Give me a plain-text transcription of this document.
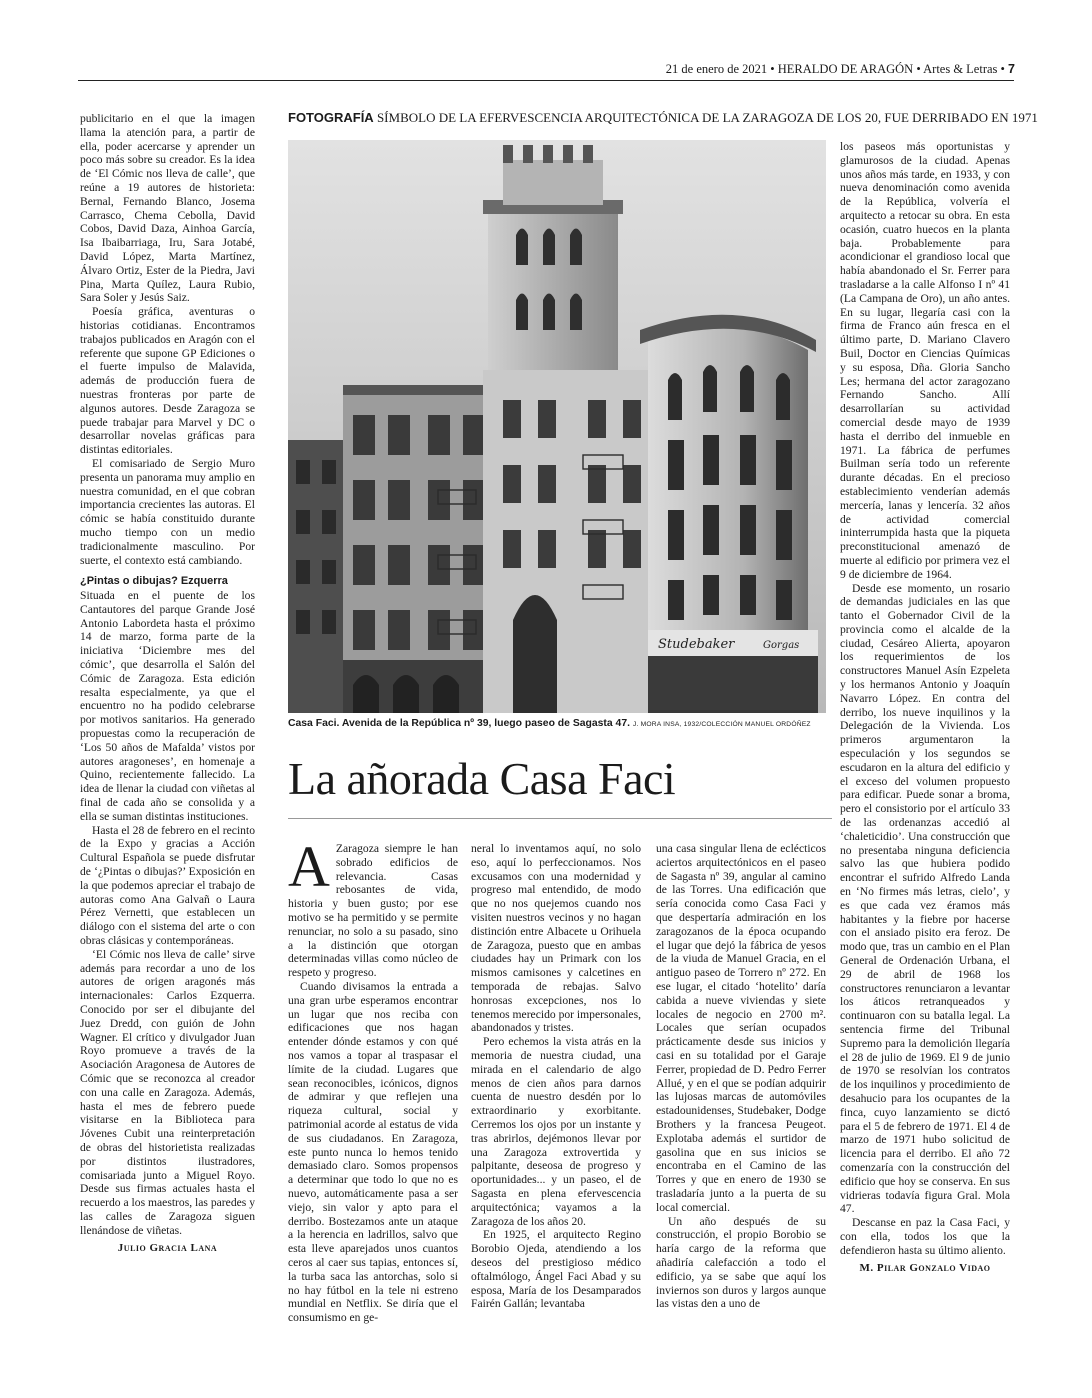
21 de enero de 2021 • HERALDO DE ARAGÓN • Artes & Letras • 7

publicitario en el que la imagen llama la atención para, a partir de ella, poder acercarse y aprender un poco más sobre su creador. Es la idea de ‘El Cómic nos lleva de calle’, que reúne a 19 autores de historieta: Bernal, Fernando Blanco, Josema Carrasco, Chema Cebolla, David Cobos, David Daza, Ainhoa García, Isa Ibaibarriaga, Iru, Sara Jotabé, David López, Marta Martínez, Álvaro Ortiz, Ester de la Piedra, Javi Pina, Marta Quílez, Laura Rubio, Sara Soler y Jesús Saiz.

Poesía gráfica, aventuras o historias cotidianas. Encontramos trabajos publicados en Aragón con el referente que supone GP Ediciones o el fuerte impulso de Malavida, además de producción fuera de nuestras fronteras por parte de algunos autores. Desde Zaragoza se puede trabajar para Marvel y DC o desarrollar novelas gráficas para distintas editoriales.

El comisariado de Sergio Muro presenta un panorama muy amplio en nuestra comunidad, en el que cobran importancia crecientes las autoras. El cómic se había constituido durante mucho tiempo con un medio tradicionalmente masculino. Por suerte, el contexto está cambiando.

¿Pintas o dibujas? Ezquerra

Situada en el puente de los Cantautores del parque Grande José Antonio Labordeta hasta el próximo 14 de marzo, forma parte de la iniciativa ‘Diciembre mes del cómic’, que desarrolla el Salón del Cómic de Zaragoza. Esta edición resalta especialmente, ya que el encuentro no ha podido celebrarse por motivos sanitarios. Ha generado propuestas como la recuperación de ‘Los 50 años de Mafalda’ vistos por autores aragoneses’, en homenaje a Quino, recientemente fallecido. La idea de llenar la ciudad con viñetas al final de cada año se consolida y a ella se suman distintas instituciones.

Hasta el 28 de febrero en el recinto de la Expo y gracias a Acción Cultural Española se puede disfrutar de ‘¿Pintas o dibujas?’ Exposición en la que podemos apreciar el trabajo de autoras como Ana Galvañ o Laura Pérez Vernetti, que establecen un diálogo con el sistema del arte o con obras clásicas y contemporáneas.

‘El Cómic nos lleva de calle’ sirve además para recordar a uno de los autores de origen aragonés más internacionales: Carlos Ezquerra. Conocido por ser el dibujante del Juez Dredd, con guión de John Wagner. El crítico y divulgador Juan Royo promueve a través de la Asociación Aragonesa de Autores de Cómic que se reconozca al creador con una calle en Zaragoza. Además, hasta el mes de febrero puede visitarse en la Biblioteca para Jóvenes Cubit una reinterpretación de obras del historietista realizadas por distintos ilustradores, comisariada junto a Miguel Royo. Desde sus firmas actuales hasta el recuerdo a los maestros, las paredes y las calles de Zaragoza siguen llenándose de viñetas.

Julio Gracia Lana
FOTOGRAFÍA SÍMBOLO DE LA EFERVESCENCIA ARQUITECTÓNICA DE LA ZARAGOZA DE LOS 20, FUE DERRIBADO EN 1971
Studebaker	Gorgas
Casa Faci. Avenida de la República nº 39, luego paseo de Sagasta 47. J. MORA INSA, 1932/COLECCIÓN MANUEL ORDÓÑEZ
La añorada Casa Faci

A Zaragoza siempre le han sobrado edificios de relevancia. Casas rebosantes de vida, historia y buen gusto; por ese motivo se ha permitido y se permite renunciar, no solo a su pasado, sino a la distinción que otorgan determinadas villas como núcleo de respeto y progreso.

Cuando divisamos la entrada a una gran urbe esperamos encontrar un lugar que nos reciba con edificaciones que nos hagan entender dónde estamos y con qué nos vamos a topar al traspasar el límite de la ciudad. Lugares que sean reconocibles, icónicos, dignos de admirar y que reflejen una riqueza cultural, social y patrimonial acorde al estatus de vida de sus ciudadanos. En Zaragoza, este punto nunca lo hemos tenido demasiado claro. Somos propensos a determinar que todo lo que no es nuevo, automáticamente pasa a ser viejo, sin valor y apto para el derribo. Bostezamos ante un ataque a la herencia en ladrillos, salvo que esta lleve aparejados unos cuantos ceros al caer sus tapias, entonces sí, la turba saca las antorchas, solo si no hay fútbol en la tele ni estreno mundial en Netflix. Se diría que el consumismo en ge-

neral lo inventamos aquí, no solo eso, aquí lo perfeccionamos. Nos excusamos con una modernidad y progreso mal entendido, de modo que no nos quejemos cuando nos visiten nuestros vecinos y no hagan distinción entre Albacete u Orihuela de Zaragoza, puesto que en ambas ciudades hay un Primark con los mismos camisones y calcetines en temporada de rebajas. Salvo honrosas excepciones, nos lo tenemos merecido por impersonales, abandonados y tristes.

Pero echemos la vista atrás en la memoria de nuestra ciudad, una mirada en el calendario de algo menos de cien años para darnos cuenta de nuestro desdén por lo extraordinario y exorbitante. Cerremos los ojos por un instante y tras abrirlos, dejémonos llevar por una Zaragoza extrovertida y palpitante, deseosa de progreso y oportunidades... y un paseo, el de Sagasta en plena efervescencia arquitectónica; vayamos a la Zaragoza de los años 20.

En 1925, el arquitecto Regino Borobio Ojeda, atendiendo a los deseos del prestigioso médico oftalmólogo, Ángel Faci Abad y su esposa, María de los Desamparados Fairén Gallán; levantaba

una casa singular llena de eclécticos aciertos arquitectónicos en el paseo de Sagasta nº 39, angular al camino de las Torres. Una edificación que sería conocida como Casa Faci y que despertaría admiración en los zaragozanos de la época ocupando el lugar que dejó la fábrica de yesos de la viuda de Manuel Gracia, en el antiguo paseo de Torrero nº 272. En ese lugar, el citado ‘hotelito’ daría cabida a nueve viviendas y siete locales de negocio en 2700 m². Locales que serían ocupados prácticamente desde sus inicios y casi en su totalidad por el Garaje Ferrer, propiedad de D. Pedro Ferrer Allué, y en el que se podían adquirir las lujosas marcas de automóviles estadounidenses, Studebaker, Dodge Brothers y la francesa Peugeot. Explotaba además el surtidor de gasolina que en sus inicios se encontraba en el Camino de las Torres y que en enero de 1930 se trasladaría junto a la puerta de su local comercial.

Un año después de su construcción, el propio Borobio se haría cargo de la reforma que añadiría calefacción a todo el edificio, ya se sabe que aquí los inviernos son duros y largos aunque las vistas den a uno de

los paseos más oportunistas y glamurosos de la ciudad. Apenas unos años más tarde, en 1933, y con nueva denominación como avenida de la República, volvería el arquitecto a retocar su obra. En esta ocasión, cuatro huecos en la planta baja. Probablemente para acondicionar el grandioso local que había abandonado el Sr. Ferrer para trasladarse a la calle Alfonso I nº 41 (La Campana de Oro), un año antes. En su lugar, llegaría casi con la firma de Franco aún fresca en el último parte, D. Mariano Clavero Buil, Doctor en Ciencias Químicas y su esposa, Dña. Gloria Sancho Les; hermana del actor zaragozano Fernando Sancho. Allí desarrollarían su actividad comercial desde mayo de 1939 hasta el derribo del inmueble en 1971. La fábrica de perfumes Builman sería todo un referente durante décadas. En el precioso establecimiento venderían además mercería, lanas y lencería. 32 años de actividad comercial ininterrumpida hasta que la piqueta preconstitucional amenazó de muerte al edificio por primera vez el 9 de diciembre de 1964.

Desde ese momento, un rosario de demandas judiciales en las que tanto el Gobernador Civil de la provincia como el alcalde de la ciudad, Cesáreo Alierta, apoyaron los requerimientos de los constructores Manuel Asín Ezpeleta y los hermanos Antonio y Joaquín Navarro López. En contra del derribo, los nueve inquilinos y la Delegación de la Vivienda. Los primeros argumentaron la especulación y los segundos se escudaron en la altura del edificio y el exceso del volumen propuesto para edificar. Puede sonar a broma, pero el consistorio por el artículo 33 de las ordenanzas accedió al ‘chaleticidio’. Una construcción que no presentaba ninguna deficiencia salvo las que hubiera podido encontrar el sufrido Alfredo Landa en ‘No firmes más letras, cielo’, y es que cada vez éramos más habitantes y la fiebre por hacerse con el ansiado pisito era feroz. De modo que, tras un cambio en el Plan General de Ordenación Urbana, el 29 de abril de 1968 los constructores renunciaron a levantar los áticos retranqueados y continuaron con su batalla legal. La sentencia firme del Tribunal Supremo para la demolición llegaría el 28 de julio de 1969. El 9 de junio de 1970 se resolvían los contratos de los inquilinos y procedimiento de desahucio para los ocupantes de la finca, cuyo lanzamiento se dictó para el 5 de febrero de 1971. El 4 de marzo de 1971 hubo solicitud de licencia para el derribo. El año 72 comenzaría con la construcción del edificio que hoy se conserva. En sus vidrieras todavía figura Gral. Mola 47.

Descanse en paz la Casa Faci, y con ella, todos los que la defendieron hasta su último aliento.

M. Pilar Gonzalo Vidao
